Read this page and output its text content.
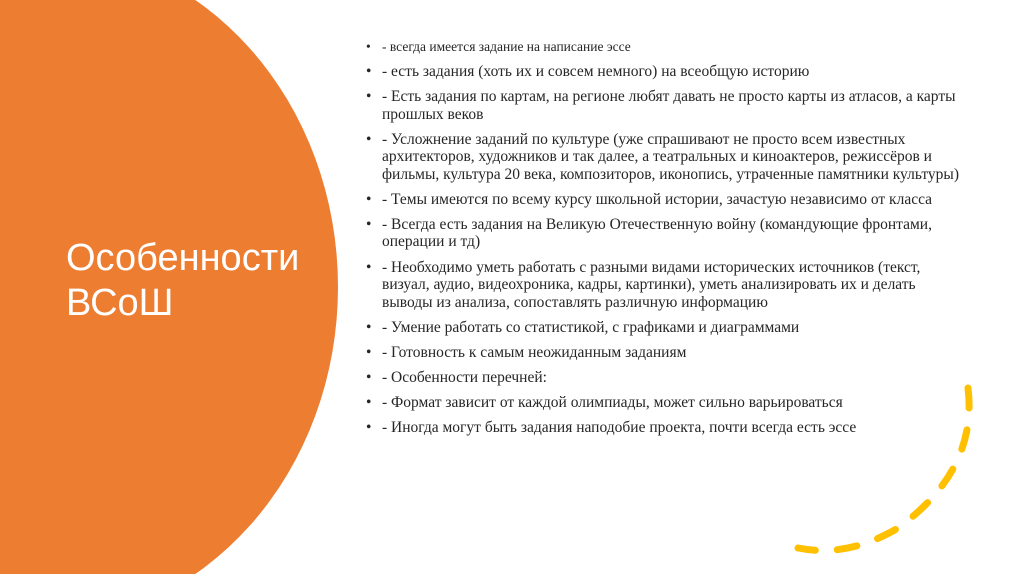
Особенности
ВСоШ
• - всегда имеется задание на написание эссе
• - есть задания (хоть их и совсем немного) на всеобщую историю
• - Есть задания по картам, на регионе любят давать не просто карты из атласов, а карты прошлых веков
• - Усложнение заданий по культуре (уже спрашивают не просто всем известных архитекторов, художников и так далее, а театральных и киноактеров, режиссёров и фильмы, культура 20 века, композиторов, иконопись, утраченные памятники культуры)
• - Темы имеются по всему курсу школьной истории, зачастую независимо от класса
• - Всегда есть задания на Великую Отечественную войну (командующие фронтами, операции и тд)
• - Необходимо уметь работать с разными видами исторических источников (текст, визуал, аудио, видеохроника, кадры, картинки), уметь анализировать их и делать выводы из анализа, сопоставлять различную информацию
• - Умение работать со статистикой, с графиками и диаграммами
• - Готовность к самым неожиданным заданиям
• - Особенности перечней:
• - Формат зависит от каждой олимпиады, может сильно варьироваться
• - Иногда могут быть задания наподобие проекта, почти всегда есть эссе
